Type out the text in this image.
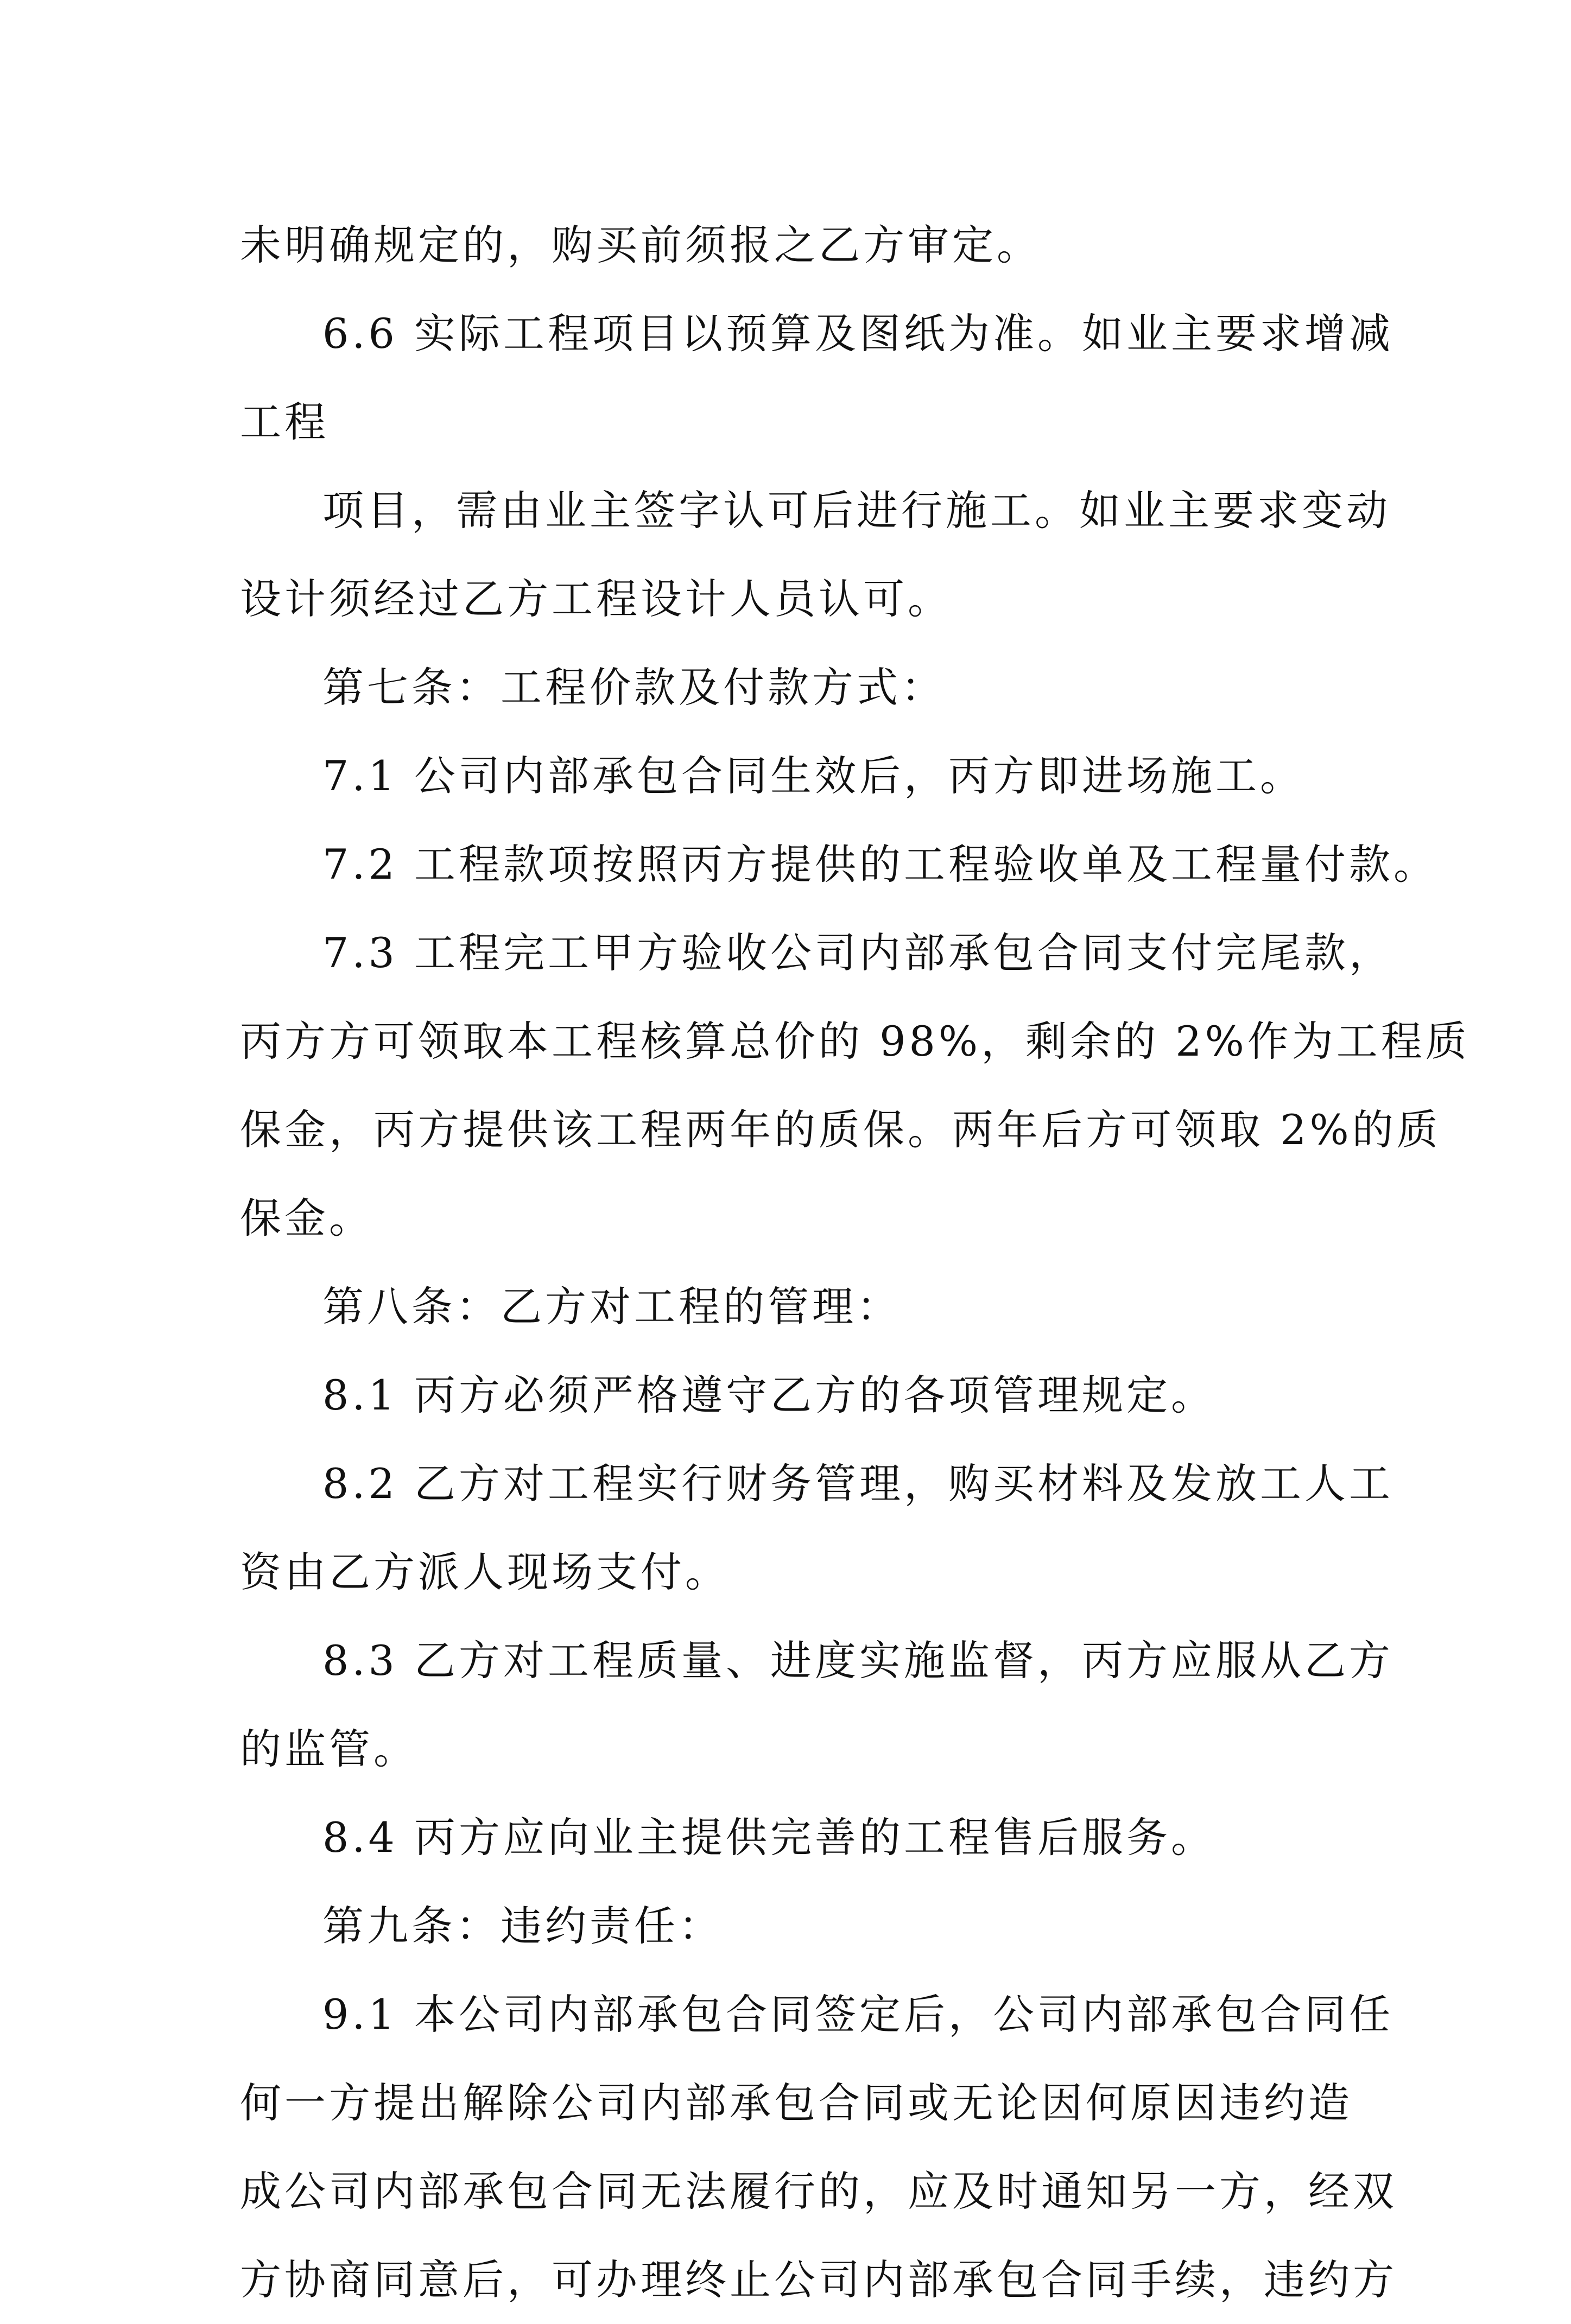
未明确规定的，购买前须报之乙方审定。
6.6 实际工程项目以预算及图纸为准。如业主要求增减
工程
项目，需由业主签字认可后进行施工。如业主要求变动
设计须经过乙方工程设计人员认可。
第七条：工程价款及付款方式：
7.1 公司内部承包合同生效后，丙方即进场施工。
7.2 工程款项按照丙方提供的工程验收单及工程量付款。
7.3 工程完工甲方验收公司内部承包合同支付完尾款，
丙方方可领取本工程核算总价的 98%，剩余的 2%作为工程质
保金，丙方提供该工程两年的质保。两年后方可领取 2%的质
保金。
第八条：乙方对工程的管理：
8.1 丙方必须严格遵守乙方的各项管理规定。
8.2 乙方对工程实行财务管理，购买材料及发放工人工
资由乙方派人现场支付。
8.3 乙方对工程质量、进度实施监督，丙方应服从乙方
的监管。
8.4 丙方应向业主提供完善的工程售后服务。
第九条：违约责任：
9.1 本公司内部承包合同签定后，公司内部承包合同任
何一方提出解除公司内部承包合同或无论因何原因违约造
成公司内部承包合同无法履行的，应及时通知另一方，经双
方协商同意后，可办理终止公司内部承包合同手续，违约方
